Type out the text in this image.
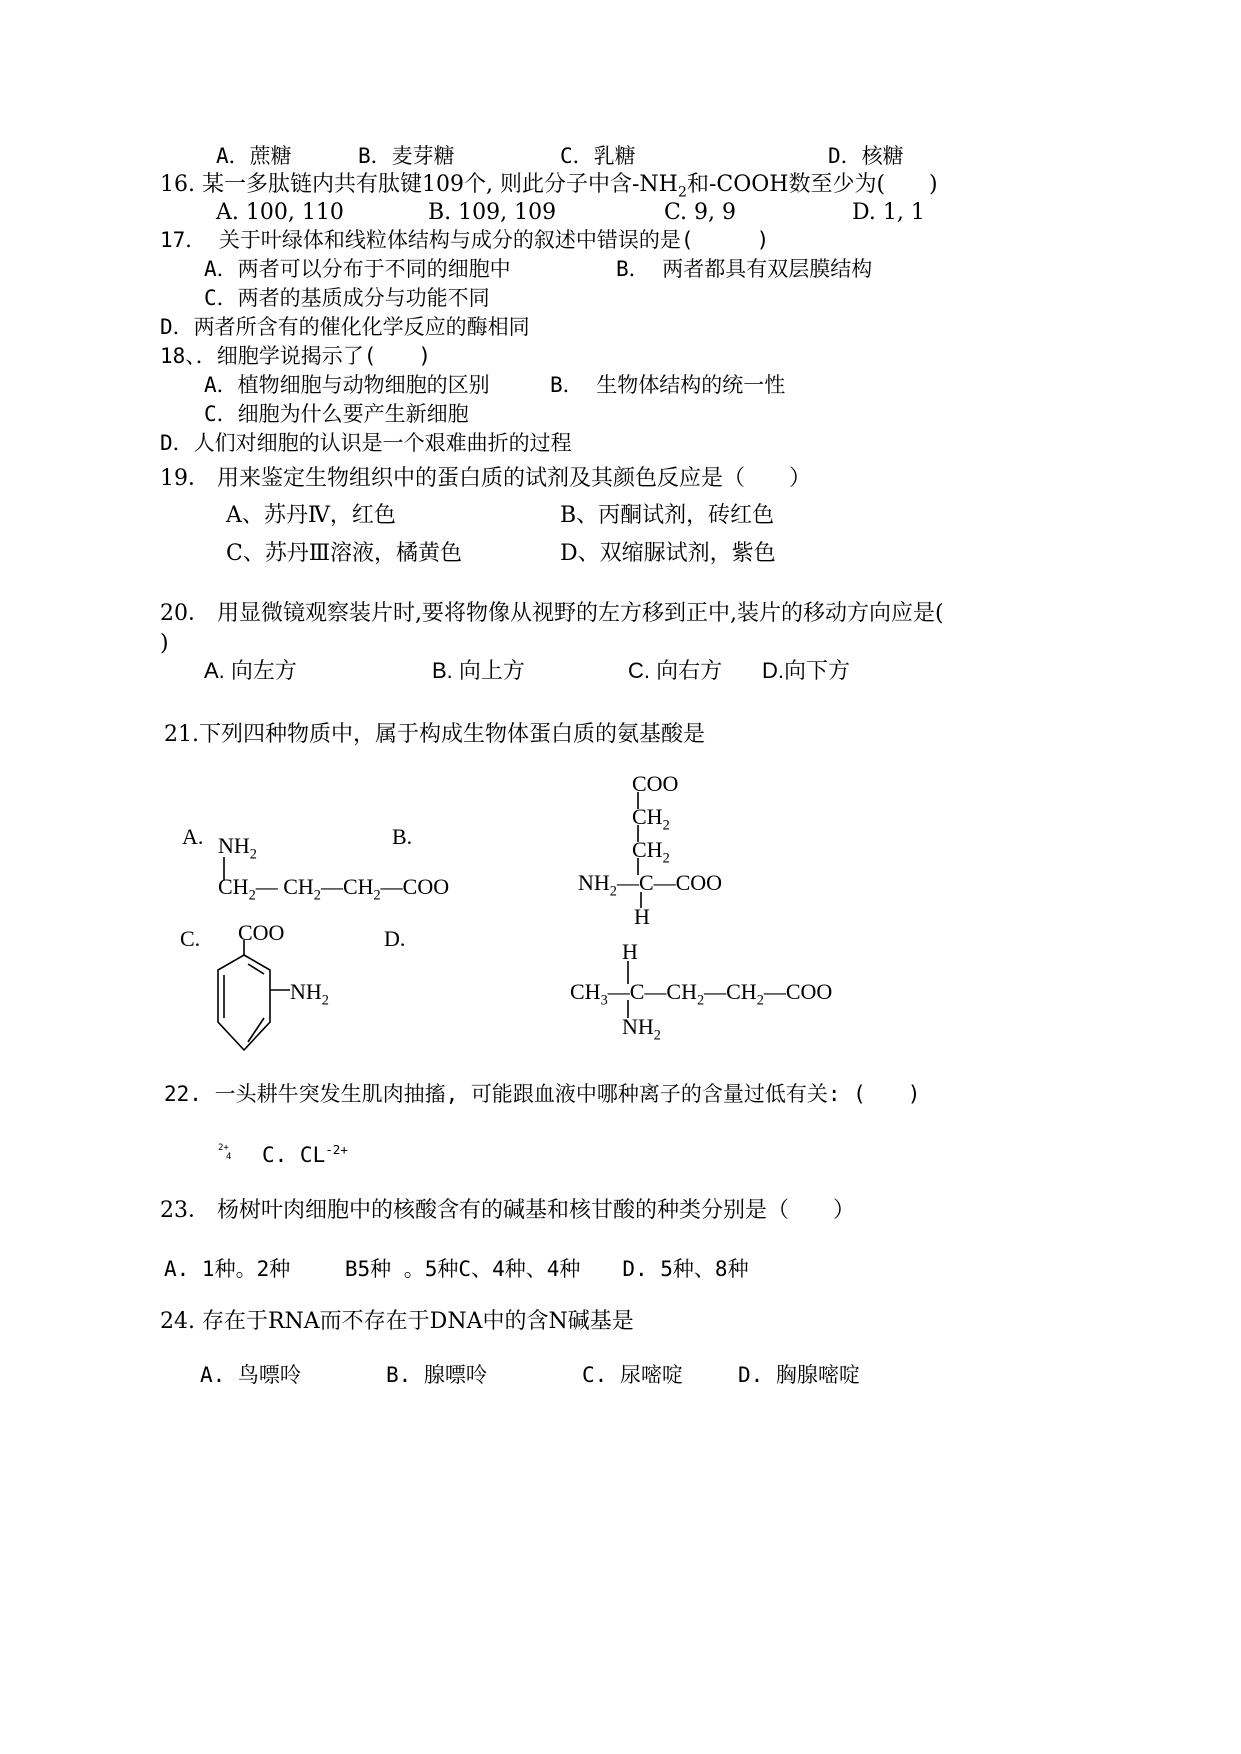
A．蔗糖	B．麦芽糖	C．乳糖	D．核糖
16. 某一多肽链内共有肽键109个, 则此分子中含$-NH_2$和-COOH数至少为(　　)
A. 100, 110	B. 109, 109	C. 9, 9	D. 1, 1
17． 关于叶绿体和线粒体结构与成分的叙述中错误的是(　　　)
A．两者可以分布于不同的细胞中	B． 两者都具有双层膜结构
C．两者的基质成分与功能不同
D．两者所含有的催化化学反应的酶相同
18、．细胞学说揭示了(　　)
A．植物细胞与动物细胞的区别	B． 生物体结构的统一性
C．细胞为什么要产生新细胞
D．人们对细胞的认识是一个艰难曲折的过程
19． 用来鉴定生物组织中的蛋白质的试剂及其颜色反应是（　　）
A、苏丹Ⅳ，红色	B、丙酮试剂，砖红色
C、苏丹Ⅲ溶液，橘黄色	D、双缩脲试剂，紫色
20． 用显微镜观察装片时,要将物像从视野的左方移到正中,装片的移动方向应是(
)
A. 向左方	B. 向上方	C. 向右方 D.向下方
21.下列四种物质中，属于构成生物体蛋白质的氨基酸是
A.	B.
C.	D.
$NH_2$
$CH_2—$ $CH_2—CH_2—COO$
COO
$CH_2$
$CH_2$
$NH_2—C—COO$
H
COO
$NH_2$
H
$CH_3—C—CH_2—CH_2—COO$
$NH_2$
22. 一头耕牛突发生肌肉抽搐, 可能跟血液中哪种离子的含量过低有关: (　　)
2+
4 C. $CL^{-2+}$
23． 杨树叶肉细胞中的核酸含有的碱基和核甘酸的种类分别是（　　）
A. 1种。2种　　 B5种 。5种C、4种、4种　　D. 5种、8种
24. 存在于RNA而不存在于DNA中的含N碱基是
A. 鸟嘌呤	B. 腺嘌呤	C. 尿嘧啶	D. 胸腺嘧啶
